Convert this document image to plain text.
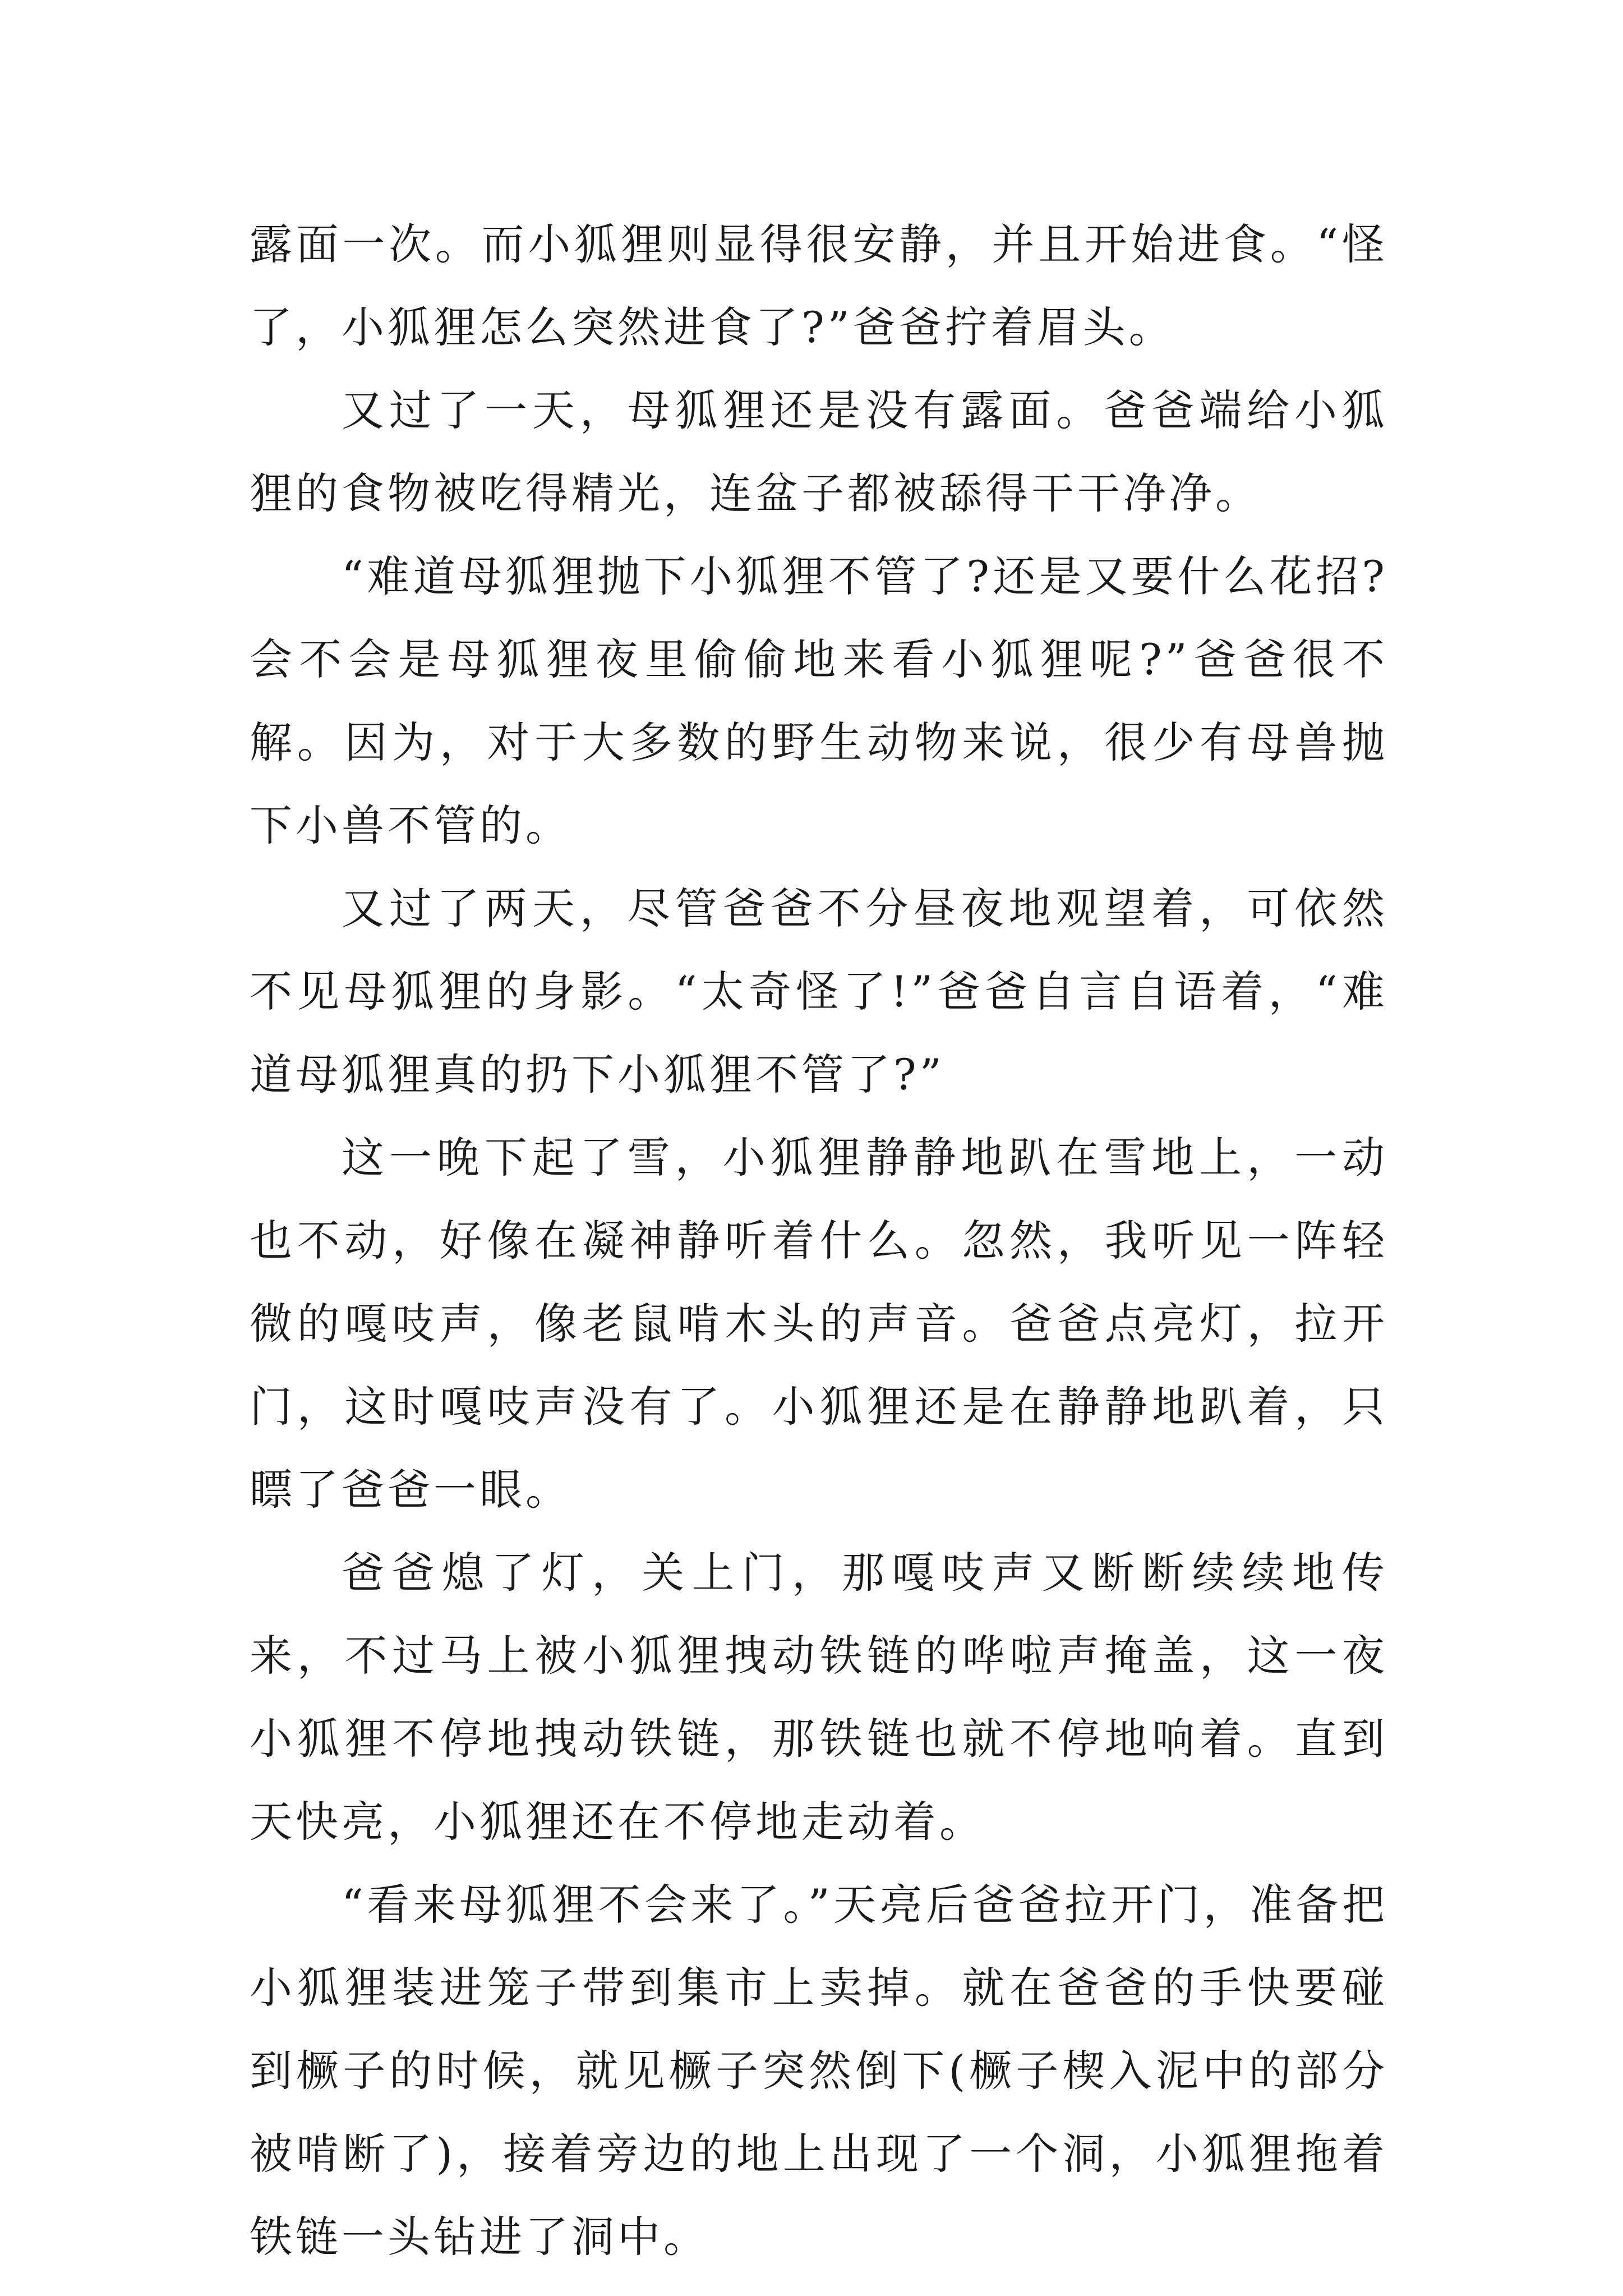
露面一次。而小狐狸则显得很安静，并且开始进食。“怪了，小狐狸怎么突然进食了?”爸爸拧着眉头。

又过了一天，母狐狸还是没有露面。爸爸端给小狐狸的食物被吃得精光，连盆子都被舔得干干净净。

“难道母狐狸抛下小狐狸不管了?还是又要什么花招?会不会是母狐狸夜里偷偷地来看小狐狸呢?”爸爸很不解。因为，对于大多数的野生动物来说，很少有母兽抛下小兽不管的。

又过了两天，尽管爸爸不分昼夜地观望着，可依然不见母狐狸的身影。“太奇怪了!”爸爸自言自语着，“难道母狐狸真的扔下小狐狸不管了?”

这一晚下起了雪，小狐狸静静地趴在雪地上，一动也不动，好像在凝神静听着什么。忽然，我听见一阵轻微的嘎吱声，像老鼠啃木头的声音。爸爸点亮灯，拉开门，这时嘎吱声没有了。小狐狸还是在静静地趴着，只瞟了爸爸一眼。

爸爸熄了灯，关上门，那嘎吱声又断断续续地传来，不过马上被小狐狸拽动铁链的哗啦声掩盖，这一夜小狐狸不停地拽动铁链，那铁链也就不停地响着。直到天快亮，小狐狸还在不停地走动着。

“看来母狐狸不会来了。”天亮后爸爸拉开门，准备把小狐狸装进笼子带到集市上卖掉。就在爸爸的手快要碰到橛子的时候，就见橛子突然倒下(橛子楔入泥中的部分被啃断了)，接着旁边的地上出现了一个洞，小狐狸拖着铁链一头钻进了洞中。
